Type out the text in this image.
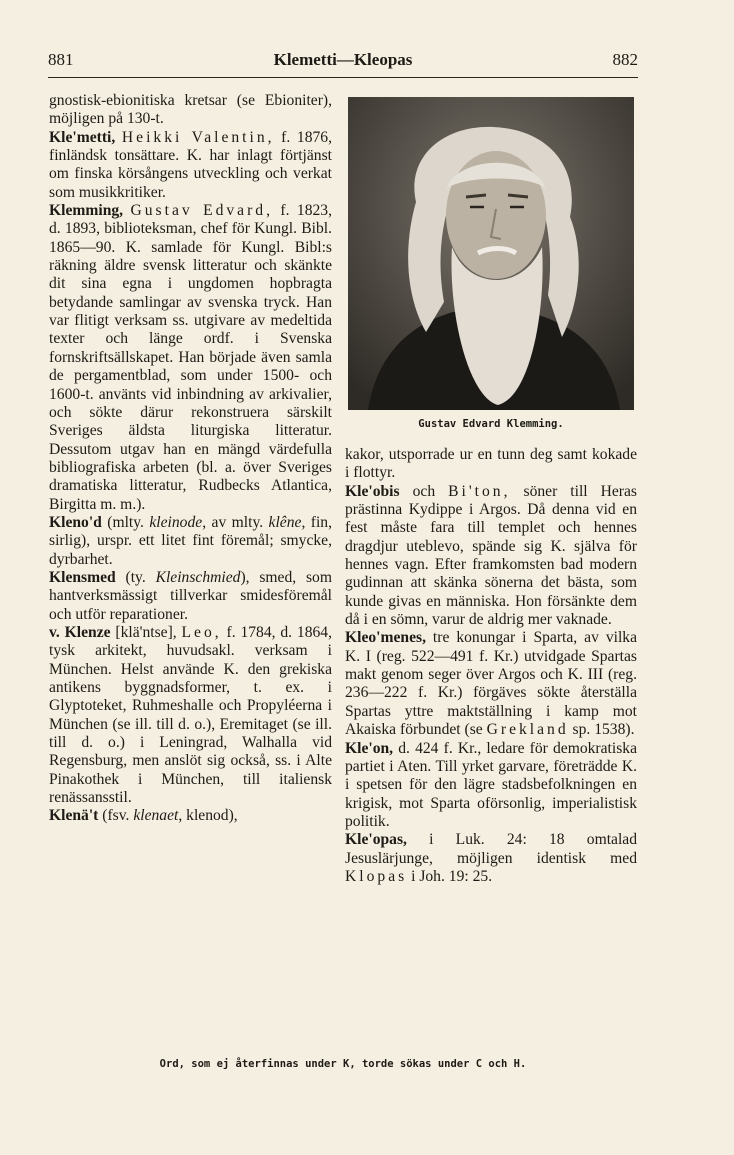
881	Klemetti—Kleopas	882

gnostisk-ebionitiska kretsar (se Ebioniter), möjligen på 130-t.

Kle'metti, Heikki Valentin, f. 1876, finländsk tonsättare. K. har inlagt förtjänst om finska körsångens utveckling och verkat som musikkritiker.

Klemming, Gustav Edvard, f. 1823, d. 1893, biblioteksman, chef för Kungl. Bibl. 1865—90. K. samlade för Kungl. Bibl:s räkning äldre svensk litteratur och skänkte dit sina egna i ungdomen hopbragta betydande samlingar av svenska tryck. Han var flitigt verksam ss. utgivare av medeltida texter och länge ordf. i Svenska fornskriftsällskapet. Han började även samla de pergamentblad, som under 1500- och 1600-t. använts vid inbindning av arkivalier, och sökte därur rekonstruera särskilt Sveriges äldsta liturgiska litteratur. Dessutom utgav han en mängd värdefulla bibliografiska arbeten (bl. a. över Sveriges dramatiska litteratur, Rudbecks Atlantica, Birgitta m. m.).

Kleno'd (mlty. kleinode, av mlty. klêne, fin, sirlig), urspr. ett litet fint föremål; smycke, dyrbarhet.

Klensmed (ty. Kleinschmied), smed, som hantverksmässigt tillverkar smidesföremål och utför reparationer.

v. Klenze [klä'ntse], Leo, f. 1784, d. 1864, tysk arkitekt, huvudsakl. verksam i München. Helst använde K. den grekiska antikens byggnadsformer, t. ex. i Glyptoteket, Ruhmeshalle och Propyléerna i München (se ill. till d. o.), Eremitaget (se ill. till d. o.) i Leningrad, Walhalla vid Regensburg, men anslöt sig också, ss. i Alte Pinakothek i München, till italiensk renässansstil.

Klenä't (fsv. klenaet, klenod),

Gustav Edvard Klemming.

kakor, utsporrade ur en tunn deg samt kokade i flottyr.

Kle'obis och Bi'ton, söner till Heras prästinna Kydippe i Argos. Då denna vid en fest måste fara till templet och hennes dragdjur uteblevo, spände sig K. själva för hennes vagn. Efter framkomsten bad modern gudinnan att skänka sönerna det bästa, som kunde givas en människa. Hon försänkte dem då i en sömn, varur de aldrig mer vaknade.

Kleo'menes, tre konungar i Sparta, av vilka K. I (reg. 522—491 f. Kr.) utvidgade Spartas makt genom seger över Argos och K. III (reg. 236—222 f. Kr.) förgäves sökte återställa Spartas yttre maktställning i kamp mot Akaiska förbundet (se Grekland sp. 1538).

Kle'on, d. 424 f. Kr., ledare för demokratiska partiet i Aten. Till yrket garvare, företrädde K. i spetsen för den lägre stadsbefolkningen en krigisk, mot Sparta oförsonlig, imperialistisk politik.

Kle'opas, i Luk. 24: 18 omtalad Jesuslärjunge, möjligen identisk med Klopas i Joh. 19: 25.

Ord, som ej återfinnas under K, torde sökas under C och H.
